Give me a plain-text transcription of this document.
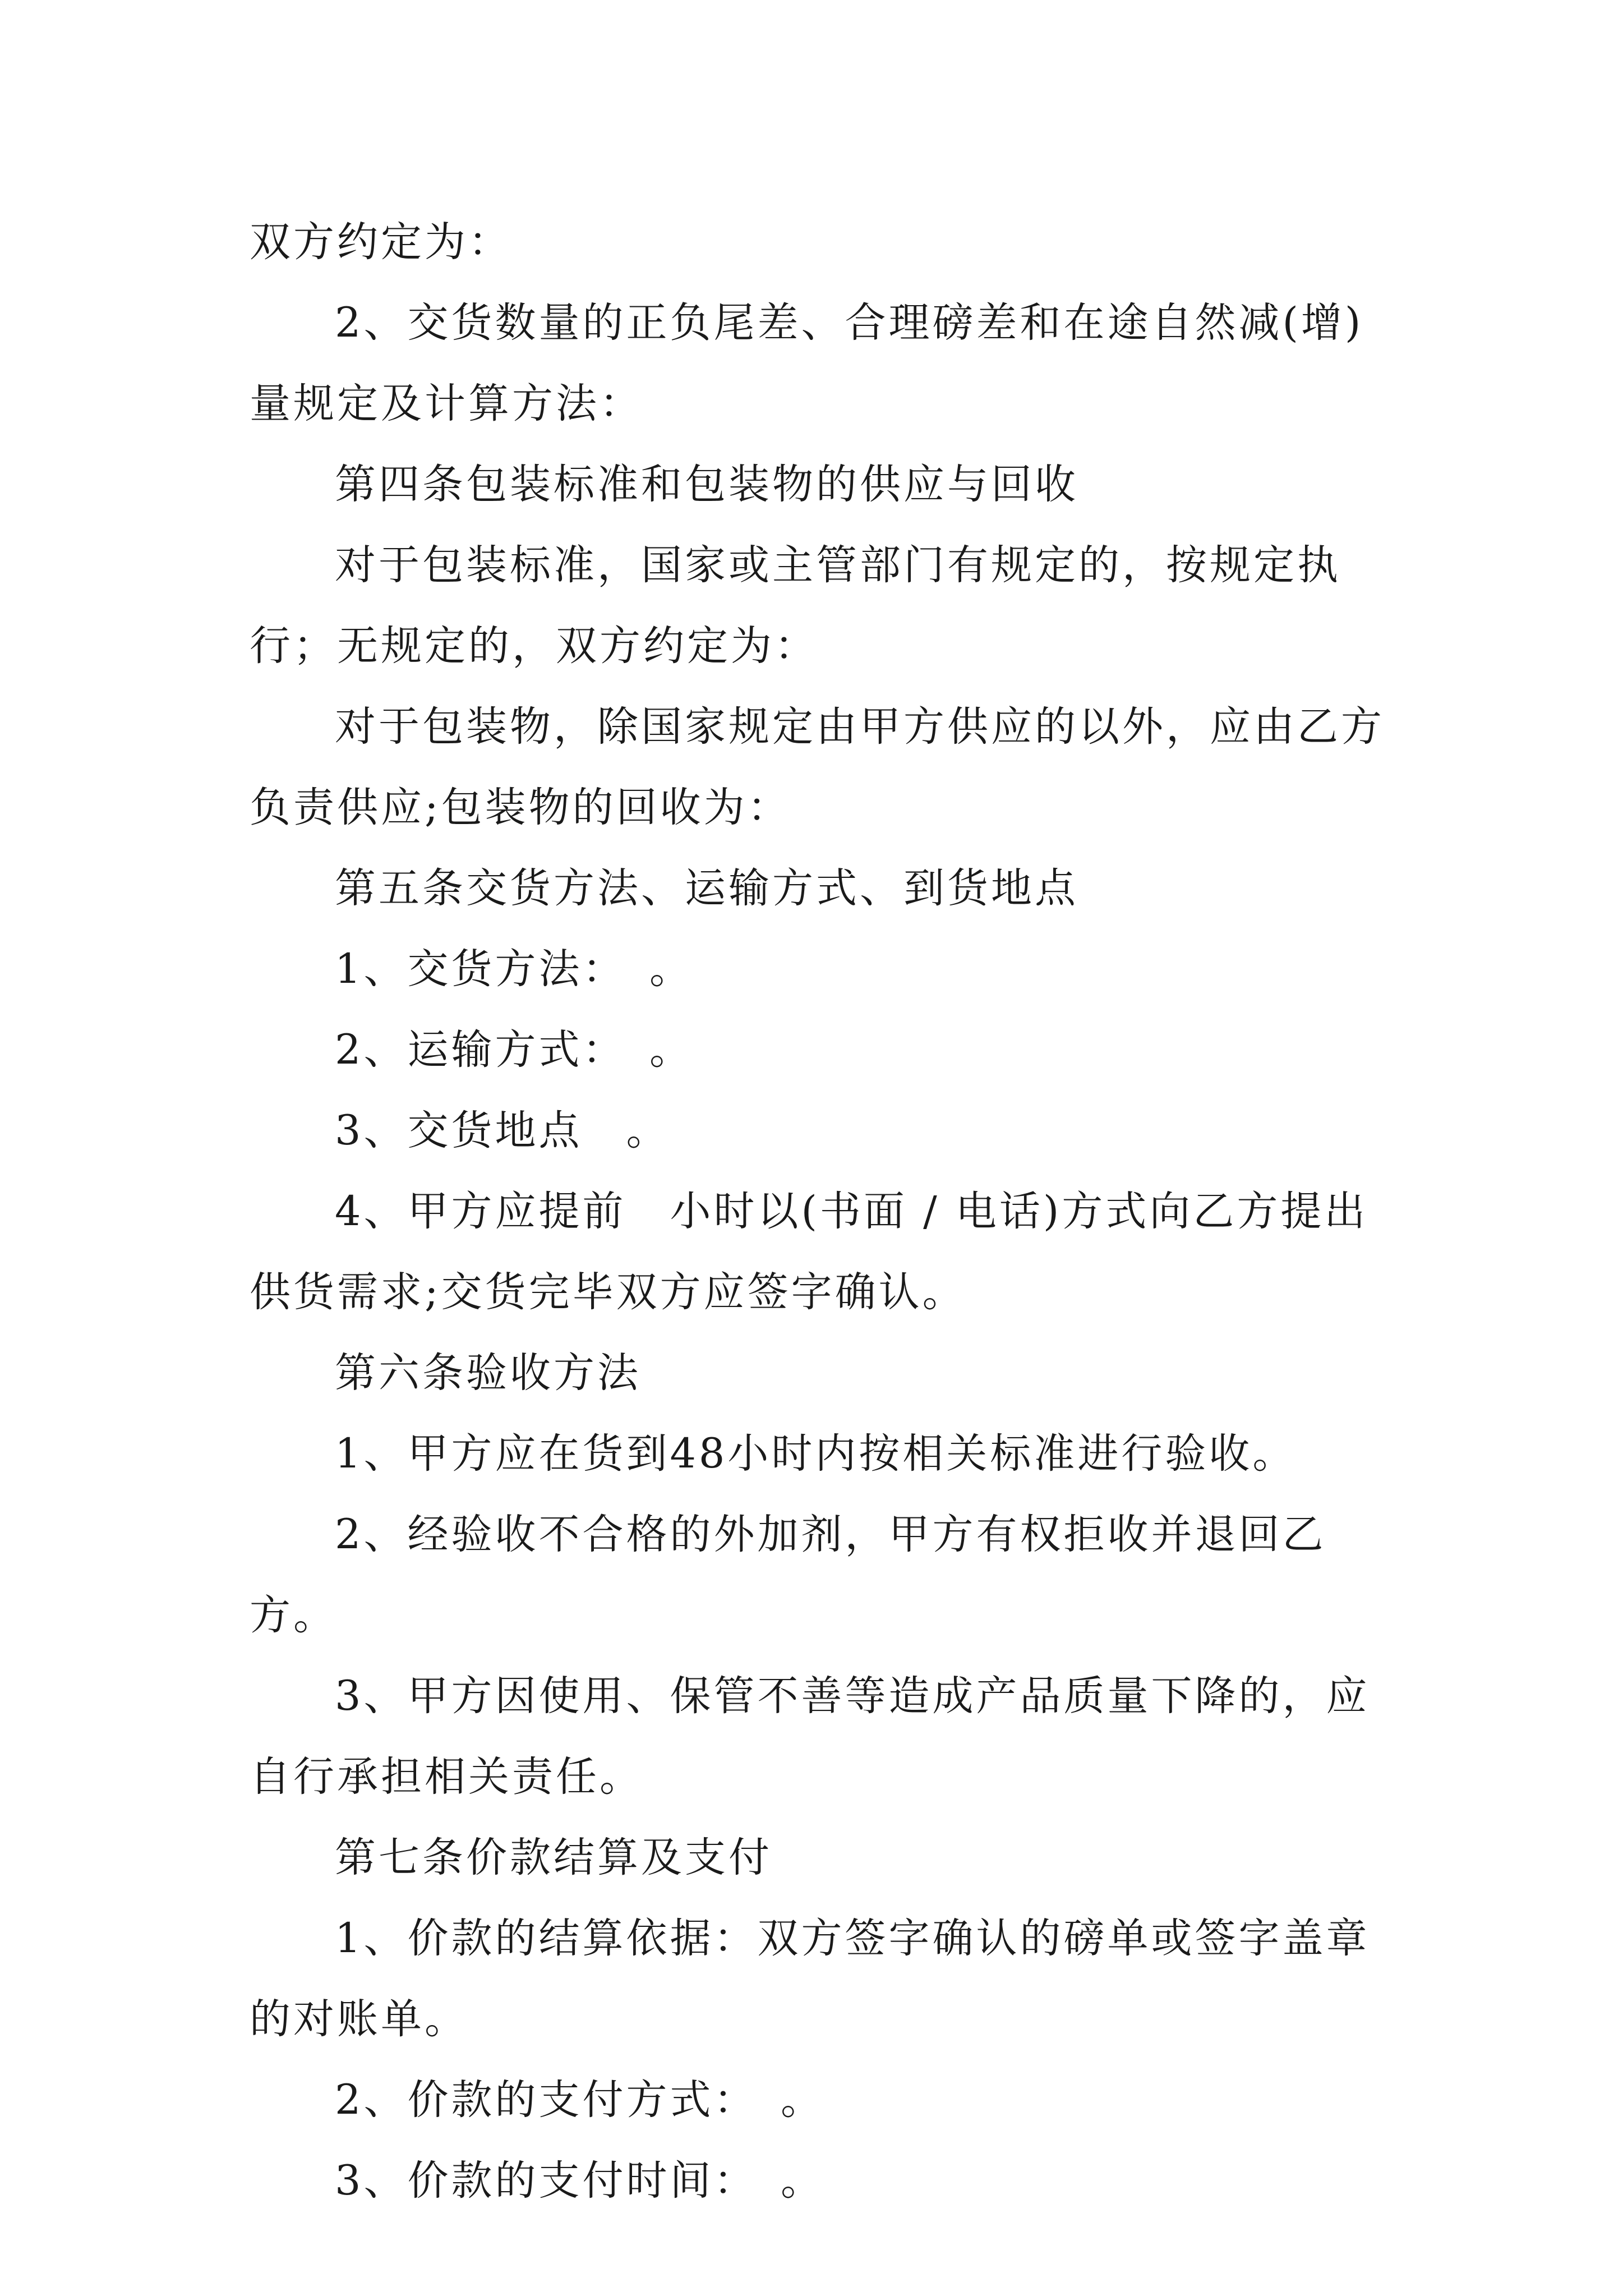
双方约定为：

2、交货数量的正负尾差、合理磅差和在途自然减(增)量规定及计算方法：

第四条包装标准和包装物的供应与回收

对于包装标准，国家或主管部门有规定的，按规定执行；无规定的，双方约定为：

对于包装物，除国家规定由甲方供应的以外，应由乙方负责供应;包装物的回收为：

第五条交货方法、运输方式、到货地点

1、交货方法：　。

2、运输方式：　。

3、交货地点　。

4、甲方应提前　小时以(书面 / 电话)方式向乙方提出供货需求;交货完毕双方应签字确认。

第六条验收方法

1、甲方应在货到48小时内按相关标准进行验收。

2、经验收不合格的外加剂，甲方有权拒收并退回乙方。

3、甲方因使用、保管不善等造成产品质量下降的，应自行承担相关责任。

第七条价款结算及支付

1、价款的结算依据：双方签字确认的磅单或签字盖章的对账单。

2、价款的支付方式：　。

3、价款的支付时间：　。
